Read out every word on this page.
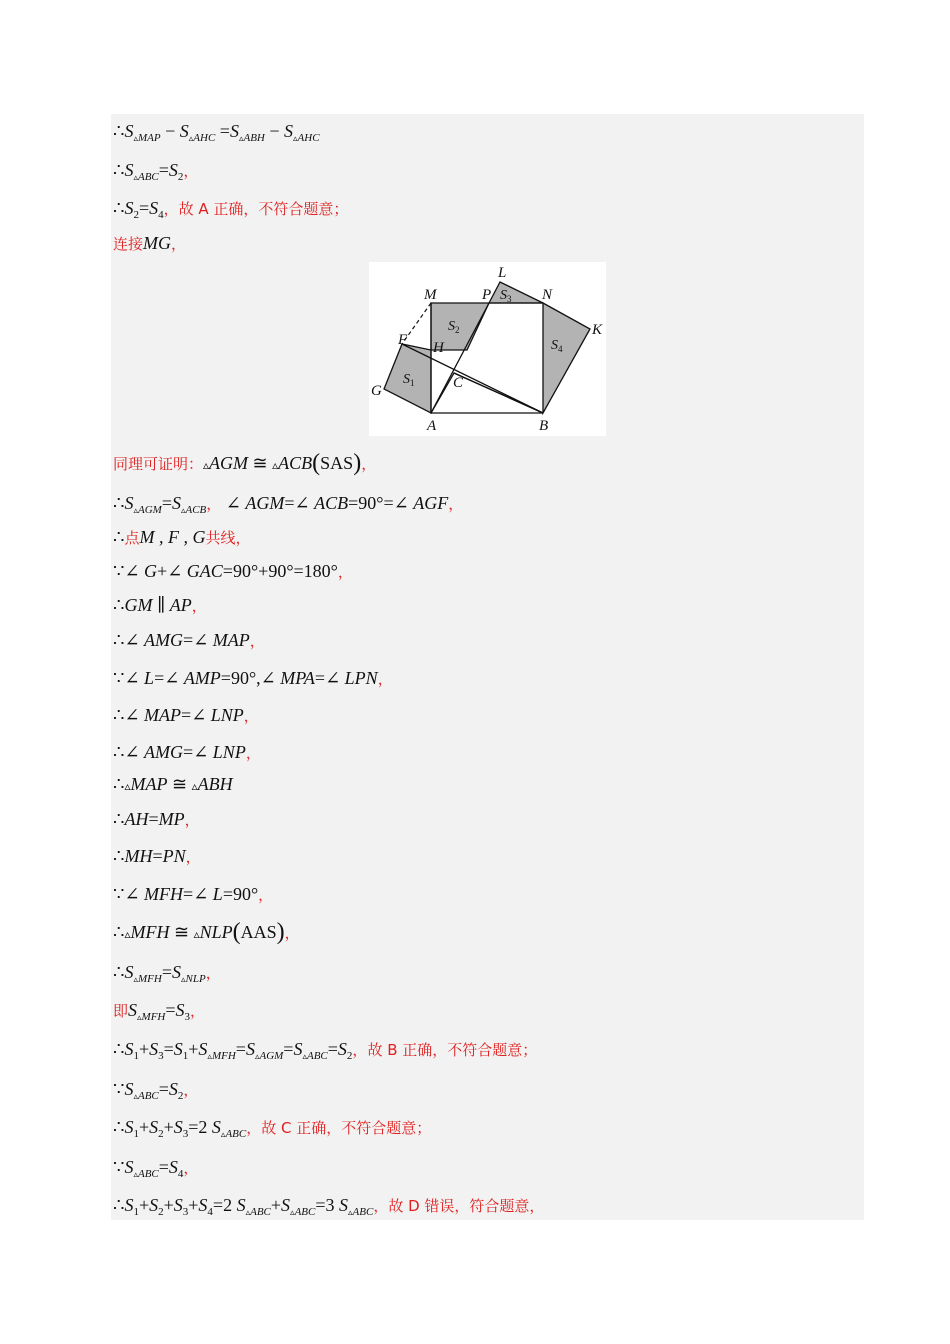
$\therefore S_{▵MAP} - S_{▵AHC} =S_{▵ABH} - S_{▵AHC}$
$\therefore S_{▵ABC}=S_2$，
$\therefore S_2=S_4$，故 A 正确，不符合题意；
连接MG，
L
M	P	N
K
F H
G	C
A	B
$S_1$
$S_2$
$S_3$
$S_4$
同理可证明：▵AGM ≅ ▵ACB(SAS)，
$\therefore S_{▵AGM}=S_{▵ACB}$， ∠ AGM=∠ ACB=90°=∠ AGF，
∴点M , F , G共线，
∵∠ G+∠ GAC=90°+90°=180°，
∴GM ∥ AP，
∴∠ AMG=∠ MAP，
∵∠ L=∠ AMP=90°,∠ MPA=∠ LPN，
∴∠ MAP=∠ LNP，
∴∠ AMG=∠ LNP，
∴▵MAP ≅ ▵ABH
∴AH=MP，
∴MH=PN，
∵∠ MFH=∠ L=90°，
∴▵MFH ≅ ▵NLP(AAS)，
$\therefore S_{▵MFH}=S_{▵NLP}$，
即$S_{▵MFH}=S_3$，
$\therefore S_1+S_3=S_1+S_{▵MFH}=S_{▵AGM}=S_{▵ABC}=S_2$，故 B 正确，不符合题意；
$\because S_{▵ABC}=S_2$，
$\therefore S_1+S_2+S_3=2$ $S_{▵ABC}$，故 C 正确，不符合题意；
$\because S_{▵ABC}=S_4$，
$\therefore S_1+S_2+S_3+S_4=2$ $S_{▵ABC}+S_{▵ABC}=3$ $S_{▵ABC}$，故 D 错误，符合题意，
